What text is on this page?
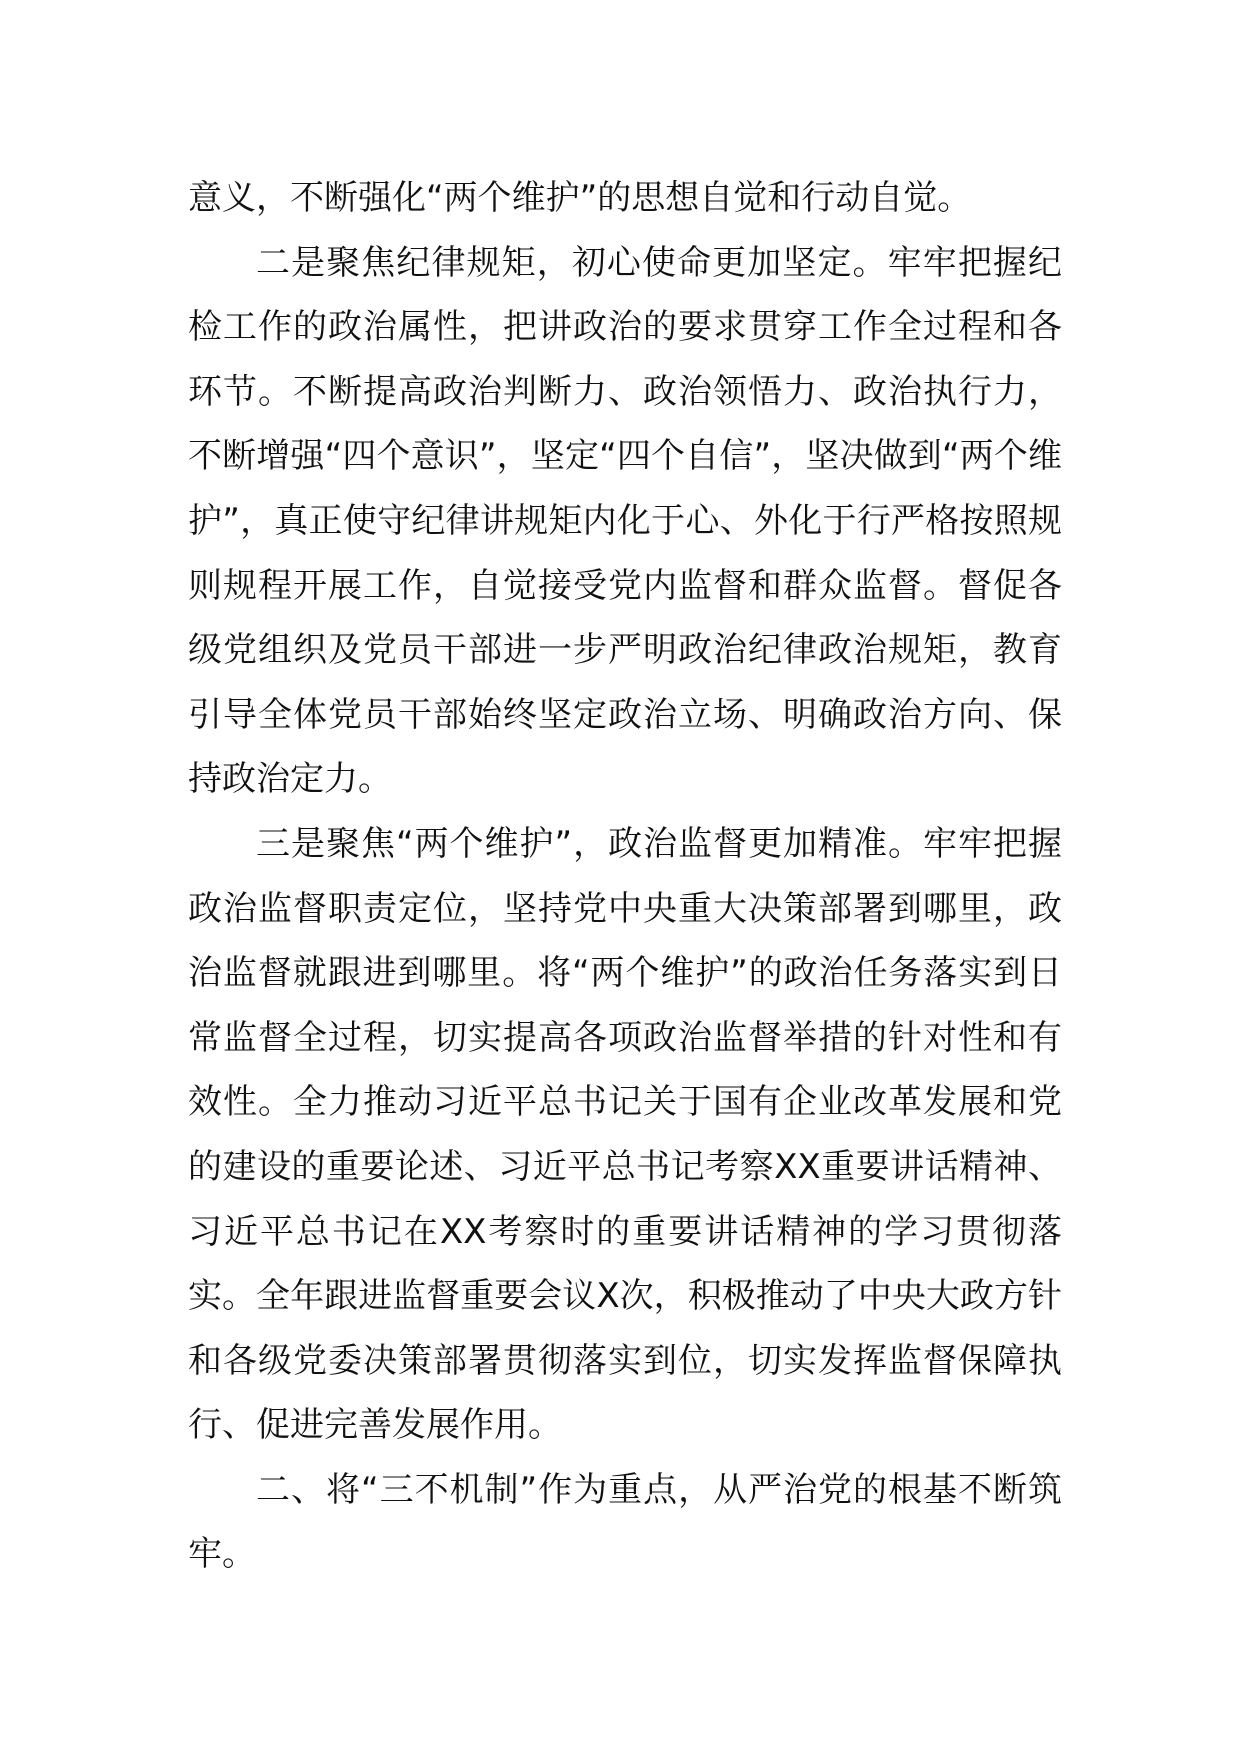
意义，不断强化“两个维护”的思想自觉和行动自觉。

二是聚焦纪律规矩，初心使命更加坚定。牢牢把握纪检工作的政治属性，把讲政治的要求贯穿工作全过程和各环节。不断提高政治判断力、政治领悟力、政治执行力，不断增强“四个意识”，坚定“四个自信”，坚决做到“两个维护”，真正使守纪律讲规矩内化于心、外化于行严格按照规则规程开展工作，自觉接受党内监督和群众监督。督促各级党组织及党员干部进一步严明政治纪律政治规矩，教育引导全体党员干部始终坚定政治立场、明确政治方向、保持政治定力。

三是聚焦“两个维护”，政治监督更加精准。牢牢把握政治监督职责定位，坚持党中央重大决策部署到哪里，政治监督就跟进到哪里。将“两个维护”的政治任务落实到日常监督全过程，切实提高各项政治监督举措的针对性和有效性。全力推动习近平总书记关于国有企业改革发展和党的建设的重要论述、习近平总书记考察XX重要讲话精神、习近平总书记在XX考察时的重要讲话精神的学习贯彻落实。全年跟进监督重要会议X次，积极推动了中央大政方针和各级党委决策部署贯彻落实到位，切实发挥监督保障执行、促进完善发展作用。

二、将“三不机制”作为重点，从严治党的根基不断筑牢。
